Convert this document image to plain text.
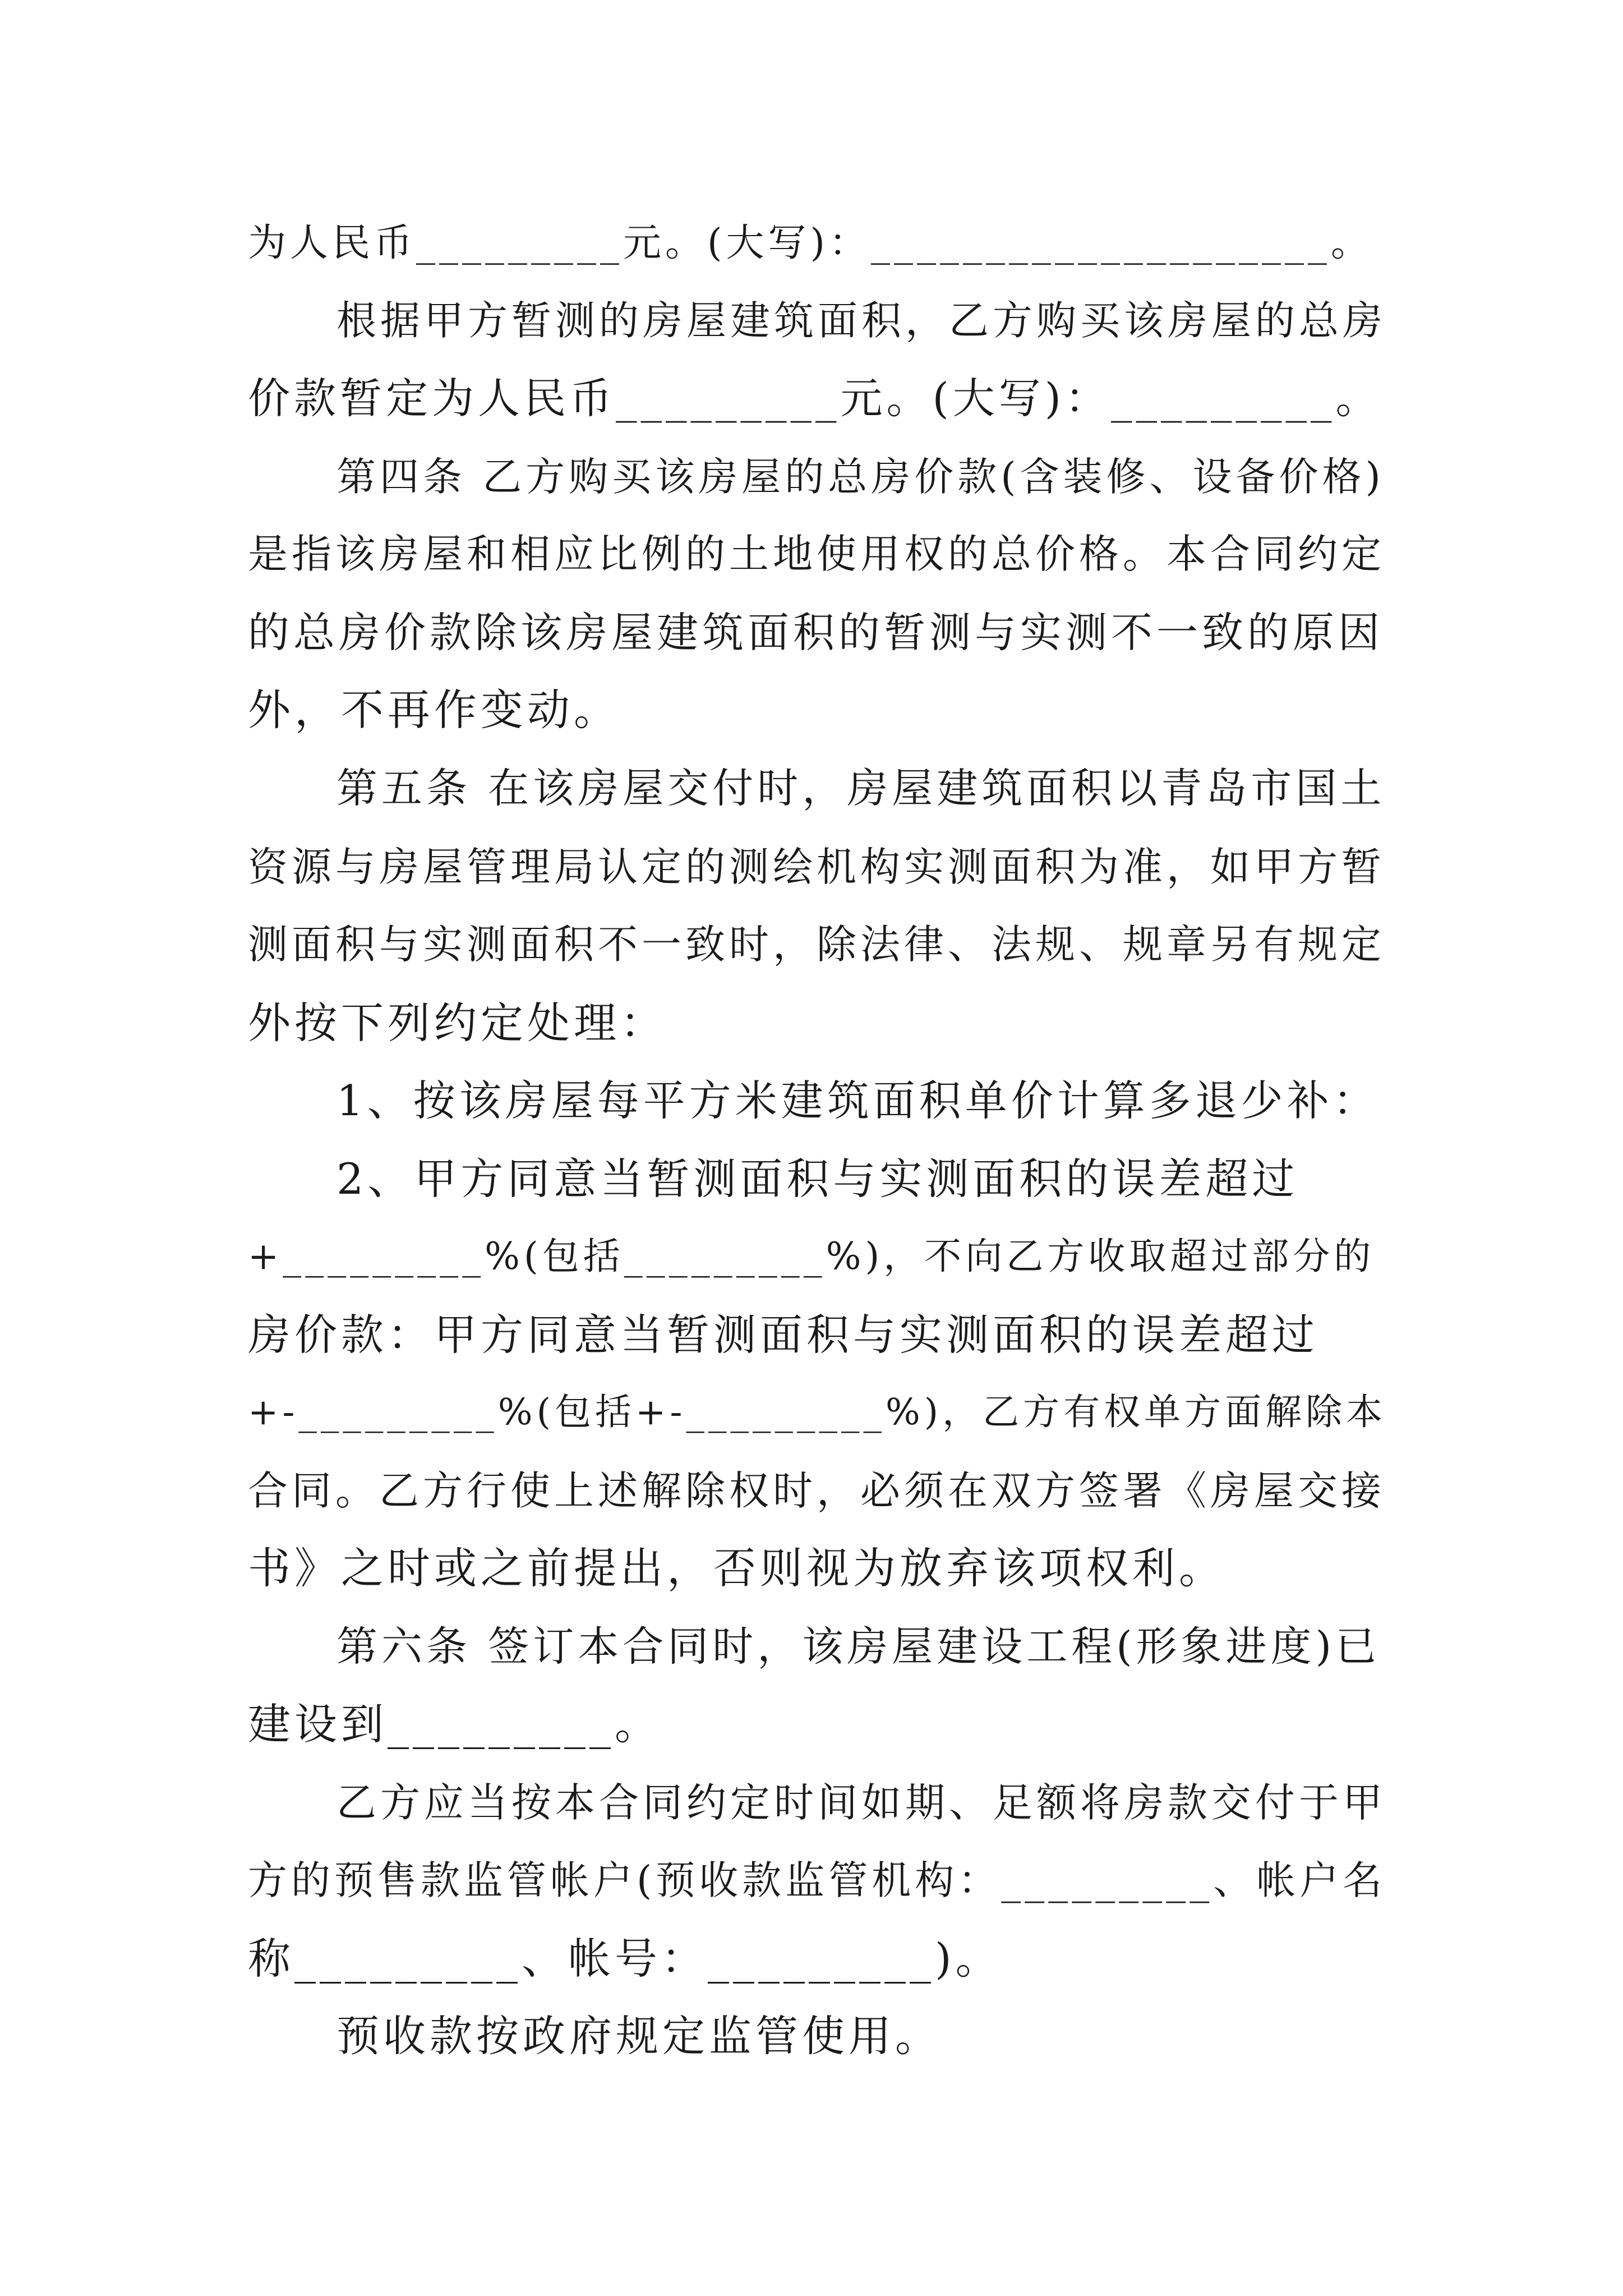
为人民币_________元。(大写)：____________________。
根据甲方暂测的房屋建筑面积，乙方购买该房屋的总房
价款暂定为人民币_________元。(大写)：_________。
第四条 乙方购买该房屋的总房价款(含装修、设备价格)
是指该房屋和相应比例的土地使用权的总价格。本合同约定
的总房价款除该房屋建筑面积的暂测与实测不一致的原因
外，不再作变动。
第五条 在该房屋交付时，房屋建筑面积以青岛市国土
资源与房屋管理局认定的测绘机构实测面积为准，如甲方暂
测面积与实测面积不一致时，除法律、法规、规章另有规定
外按下列约定处理：
1、按该房屋每平方米建筑面积单价计算多退少补：
2、甲方同意当暂测面积与实测面积的误差超过
+_________%(包括_________%)，不向乙方收取超过部分的
房价款：甲方同意当暂测面积与实测面积的误差超过
+-_________%(包括+-_________%)，乙方有权单方面解除本
合同。乙方行使上述解除权时，必须在双方签署《房屋交接
书》之时或之前提出，否则视为放弃该项权利。
第六条 签订本合同时，该房屋建设工程(形象进度)已
建设到_________。
乙方应当按本合同约定时间如期、足额将房款交付于甲
方的预售款监管帐户(预收款监管机构：_________、帐户名
称_________、帐号：_________)。
预收款按政府规定监管使用。
